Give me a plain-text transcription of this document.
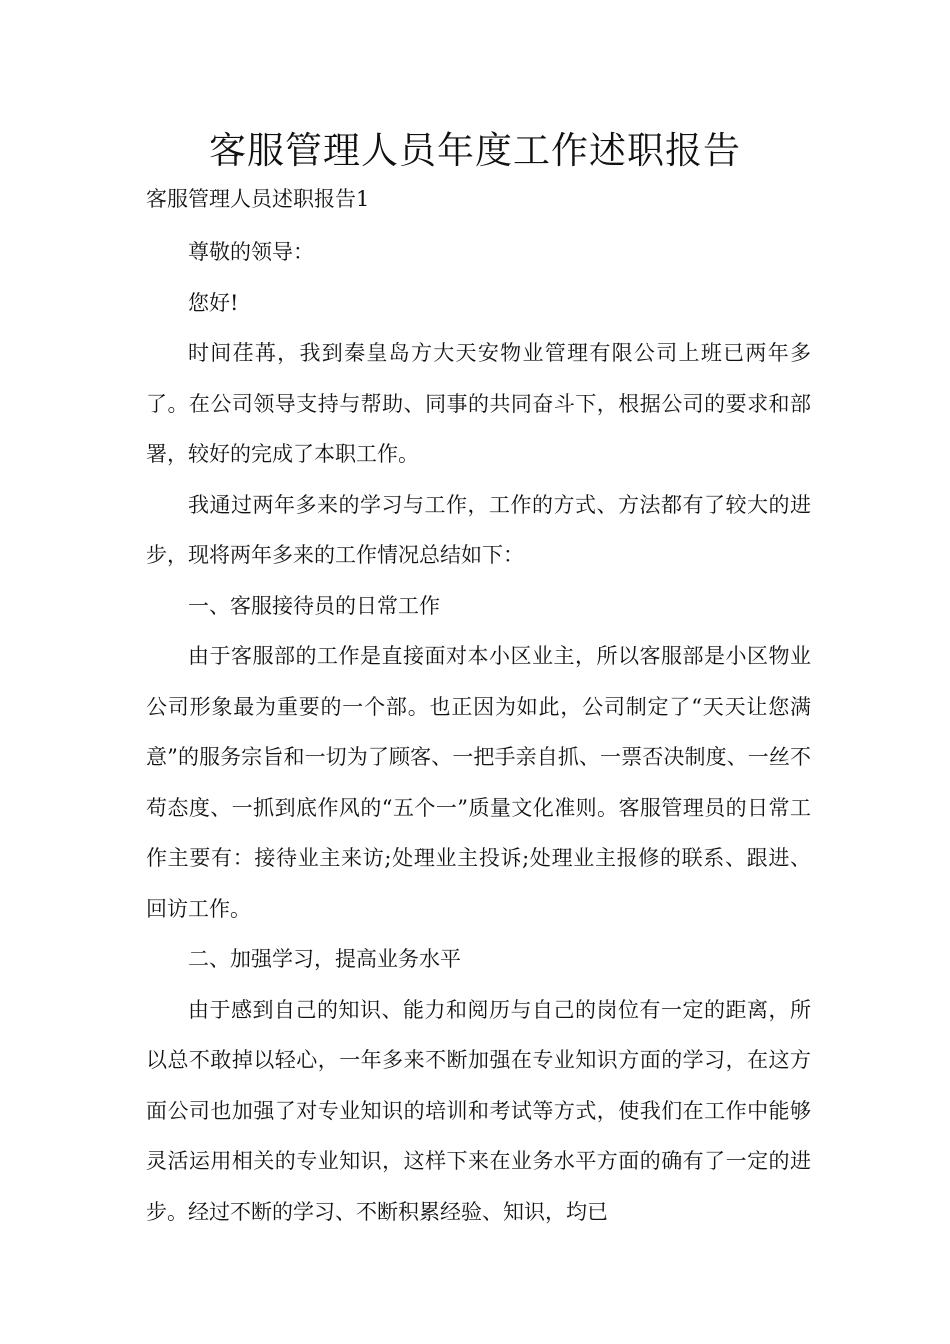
客服管理人员年度工作述职报告
客服管理人员述职报告1

尊敬的领导：

您好!

时间荏苒，我到秦皇岛方大天安物业管理有限公司上班已两年多了。在公司领导支持与帮助、同事的共同奋斗下，根据公司的要求和部署，较好的完成了本职工作。

我通过两年多来的学习与工作，工作的方式、方法都有了较大的进步，现将两年多来的工作情况总结如下：

一、客服接待员的日常工作

由于客服部的工作是直接面对本小区业主，所以客服部是小区物业公司形象最为重要的一个部。也正因为如此，公司制定了“天天让您满意”的服务宗旨和一切为了顾客、一把手亲自抓、一票否决制度、一丝不苟态度、一抓到底作风的“五个一”质量文化准则。客服管理员的日常工作主要有：接待业主来访;处理业主投诉;处理业主报修的联系、跟进、回访工作。

二、加强学习，提高业务水平

由于感到自己的知识、能力和阅历与自己的岗位有一定的距离，所以总不敢掉以轻心，一年多来不断加强在专业知识方面的学习，在这方面公司也加强了对专业知识的培训和考试等方式，使我们在工作中能够灵活运用相关的专业知识，这样下来在业务水平方面的确有了一定的进步。经过不断的学习、不断积累经验、知识，均已
